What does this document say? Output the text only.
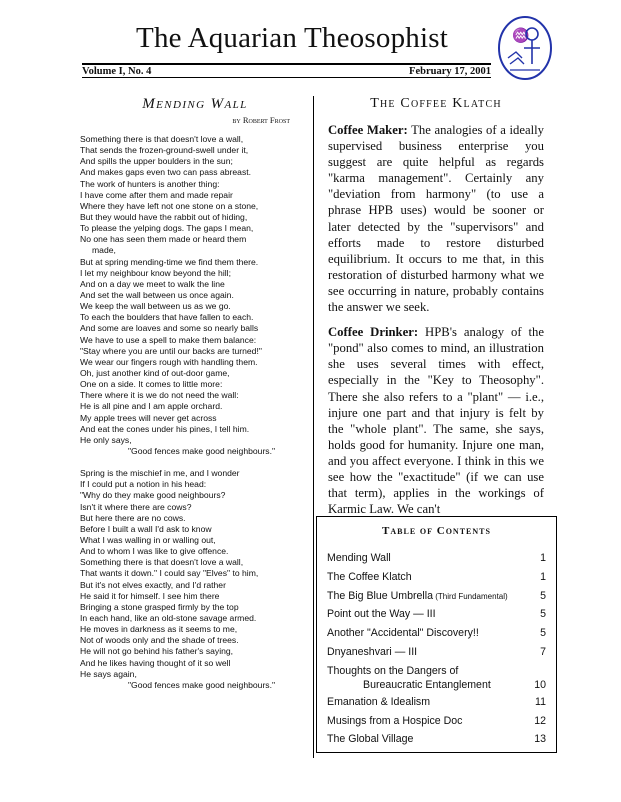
The Aquarian Theosophist	♒
Volume I, No. 4	February 17, 2001
Mending Wall
by Robert Frost
Something there is that doesn't love a wall,
That sends the frozen-ground-swell under it,
And spills the upper boulders in the sun;
And makes gaps even two can pass abreast.
The work of hunters is another thing:
I have come after them and made repair
Where they have left not one stone on a stone,
But they would have the rabbit out of hiding,
To please the yelping dogs. The gaps I mean,
No one has seen them made or heard them
made,
But at spring mending-time we find them there.
I let my neighbour know beyond the hill;
And on a day we meet to walk the line
And set the wall between us once again.
We keep the wall between us as we go.
To each the boulders that have fallen to each.
And some are loaves and some so nearly balls
We have to use a spell to make them balance:
"Stay where you are until our backs are turned!"
We wear our fingers rough with handling them.
Oh, just another kind of out-door game,
One on a side. It comes to little more:
There where it is we do not need the wall:
He is all pine and I am apple orchard.
My apple trees will never get across
And eat the cones under his pines, I tell him.
He only says,
"Good fences make good neighbours."
Spring is the mischief in me, and I wonder
If I could put a notion in his head:
"Why do they make good neighbours?
Isn't it where there are cows?
But here there are no cows.
Before I built a wall I'd ask to know
What I was walling in or walling out,
And to whom I was like to give offence.
Something there is that doesn't love a wall,
That wants it down." I could say "Elves" to him,
But it's not elves exactly, and I'd rather
He said it for himself. I see him there
Bringing a stone grasped firmly by the top
In each hand, like an old-stone savage armed.
He moves in darkness as it seems to me,
Not of woods only and the shade of trees.
He will not go behind his father's saying,
And he likes having thought of it so well
He says again,
"Good fences make good neighbours."
The Coffee Klatch

Coffee Maker: The analogies of a ideally supervised business enterprise you suggest are quite helpful as regards "karma management". Certainly any "deviation from harmony" (to use a phrase HPB uses) would be sooner or later detected by the "supervisors" and efforts made to restore disturbed equilibrium. It occurs to me that, in this restoration of disturbed harmony what we see occurring in nature, probably contains the answer we seek.

Coffee Drinker: HPB's analogy of the "pond" also comes to mind, an illustration she uses several times with effect, especially in the "Key to Theosophy". There she also refers to a "plant" — i.e., injure one part and that injury is felt by the "whole plant". The same, she says, holds good for humanity. Injure one man, and you affect everyone. I think in this we see how the "exactitude" (if we can use that term), applies in the workings of Karmic Law. We can't

Table of Contents
Mending Wall	1
The Coffee Klatch	1
The Big Blue Umbrella (Third Fundamental)	5
Point out the Way — III	5
Another "Accidental" Discovery!!	5
Dnyaneshvari — III	7
Thoughts on the Dangers of
Bureaucratic Entanglement	10
Emanation & Idealism	11
Musings from a Hospice Doc	12
The Global Village	13
